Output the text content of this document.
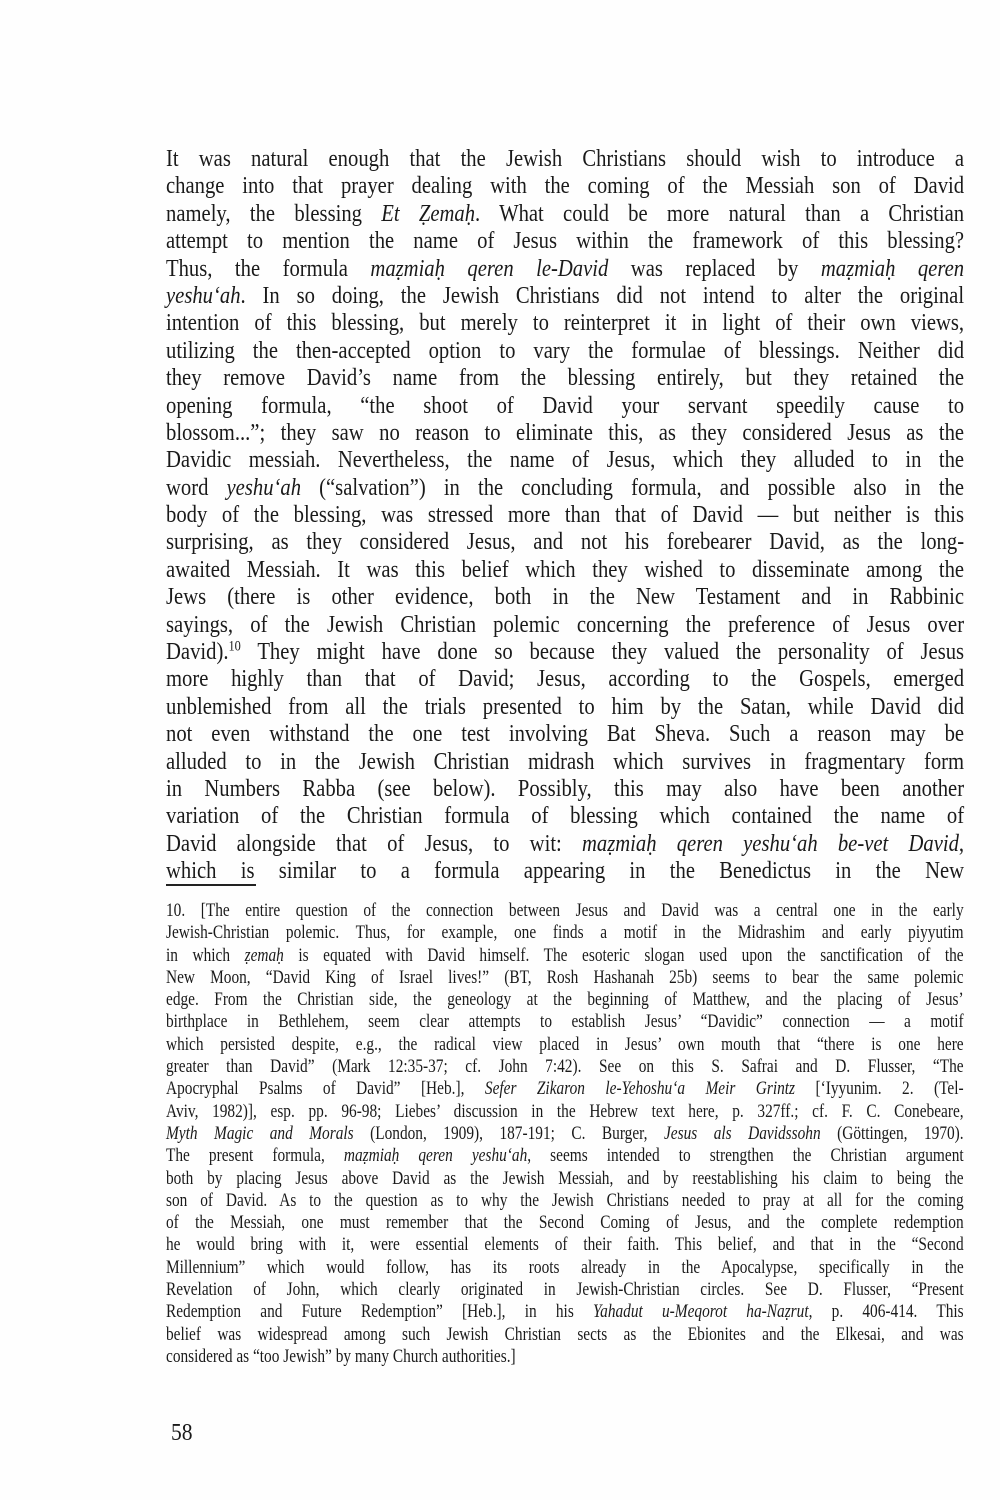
It was natural enough that the Jewish Christians should wish to introduce a
change into that prayer dealing with the coming of the Messiah son of David
namely, the blessing Et Ẓemaḥ. What could be more natural than a Christian
attempt to mention the name of Jesus within the framework of this blessing?
Thus, the formula maẓmiaḥ qeren le-David was replaced by maẓmiaḥ qeren
yeshu‘ah. In so doing, the Jewish Christians did not intend to alter the original
intention of this blessing, but merely to reinterpret it in light of their own views,
utilizing the then-accepted option to vary the formulae of blessings. Neither did
they remove David’s name from the blessing entirely, but they retained the
opening formula, “the shoot of David your servant speedily cause to
blossom...”; they saw no reason to eliminate this, as they considered Jesus as the
Davidic messiah. Nevertheless, the name of Jesus, which they alluded to in the
word yeshu‘ah (“salvation”) in the concluding formula, and possible also in the
body of the blessing, was stressed more than that of David — but neither is this
surprising, as they considered Jesus, and not his forebearer David, as the long-
awaited Messiah. It was this belief which they wished to disseminate among the
Jews (there is other evidence, both in the New Testament and in Rabbinic
sayings, of the Jewish Christian polemic concerning the preference of Jesus over
David).$^{10}$ They might have done so because they valued the personality of Jesus
more highly than that of David; Jesus, according to the Gospels, emerged
unblemished from all the trials presented to him by the Satan, while David did
not even withstand the one test involving Bat Sheva. Such a reason may be
alluded to in the Jewish Christian midrash which survives in fragmentary form
in Numbers Rabba (see below). Possibly, this may also have been another
variation of the Christian formula of blessing which contained the name of
David alongside that of Jesus, to wit: maẓmiaḥ qeren yeshu‘ah be-vet David,
which is similar to a formula appearing in the Benedictus in the New
10. [The entire question of the connection between Jesus and David was a central one in the early
Jewish-Christian polemic. Thus, for example, one finds a motif in the Midrashim and early piyyutim
in which ẓemaḥ is equated with David himself. The esoteric slogan used upon the sanctification of the
New Moon, “David King of Israel lives!” (BT, Rosh Hashanah 25b) seems to bear the same polemic
edge. From the Christian side, the geneology at the beginning of Matthew, and the placing of Jesus’
birthplace in Bethlehem, seem clear attempts to establish Jesus’ “Davidic” connection — a motif
which persisted despite, e.g., the radical view placed in Jesus’ own mouth that “there is one here
greater than David” (Mark 12:35-37; cf. John 7:42). See on this S. Safrai and D. Flusser, “The
Apocryphal Psalms of David” [Heb.], Sefer Zikaron le-Yehoshu‘a Meir Grintz [‘Iyyunim. 2. (Tel-
Aviv, 1982)], esp. pp. 96-98; Liebes’ discussion in the Hebrew text here, p. 327ff.; cf. F. C. Conebeare,
Myth Magic and Morals (London, 1909), 187-191; C. Burger, Jesus als Davidssohn (Göttingen, 1970).
The present formula, maẓmiaḥ qeren yeshu‘ah, seems intended to strengthen the Christian argument
both by placing Jesus above David as the Jewish Messiah, and by reestablishing his claim to being the
son of David. As to the question as to why the Jewish Christians needed to pray at all for the coming
of the Messiah, one must remember that the Second Coming of Jesus, and the complete redemption
he would bring with it, were essential elements of their faith. This belief, and that in the “Second
Millennium” which would follow, has its roots already in the Apocalypse, specifically in the
Revelation of John, which clearly originated in Jewish-Christian circles. See D. Flusser, “Present
Redemption and Future Redemption” [Heb.], in his Yahadut u-Meqorot ha-Naẓrut, p. 406-414. This
belief was widespread among such Jewish Christian sects as the Ebionites and the Elkesai, and was
considered as “too Jewish” by many Church authorities.]
58
